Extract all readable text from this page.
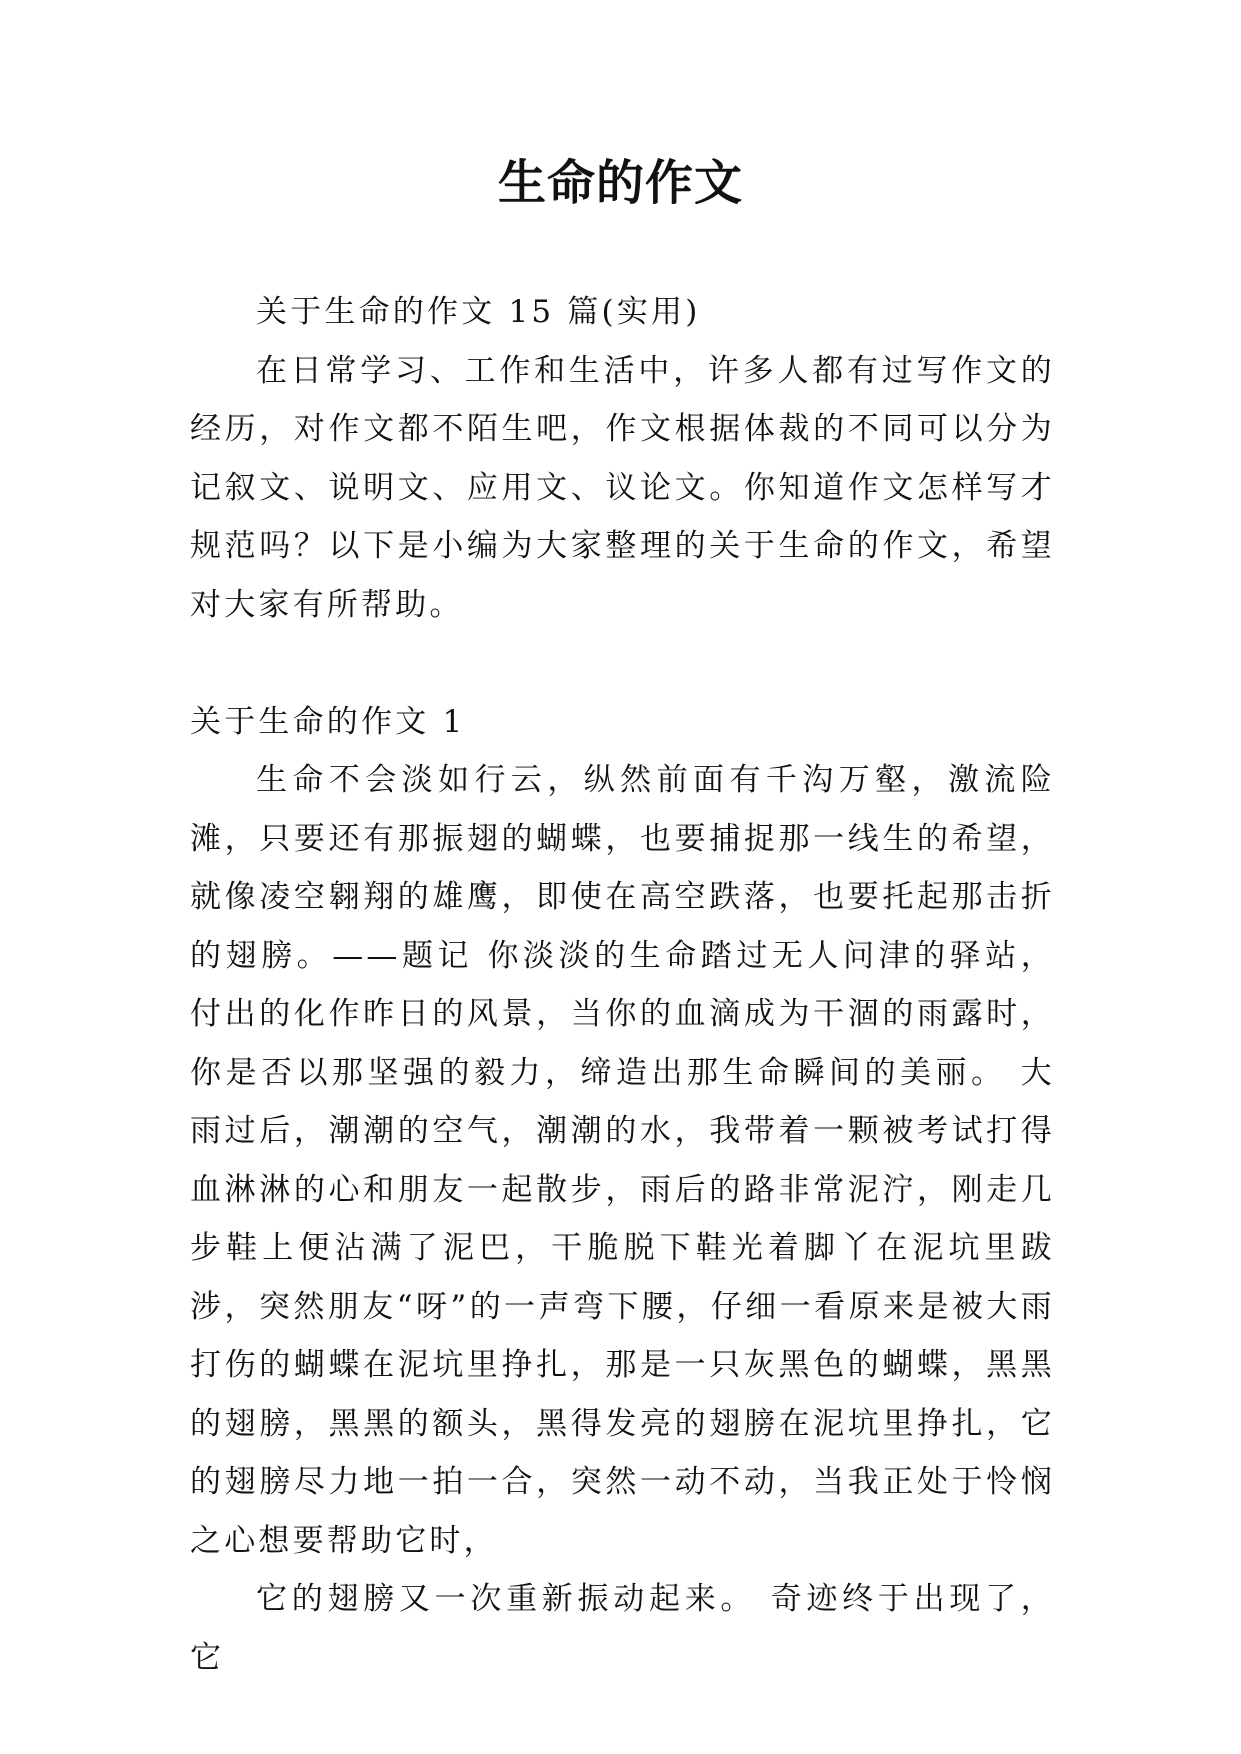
生命的作文

关于生命的作文 15 篇(实用)

在日常学习、工作和生活中，许多人都有过写作文的经历，对作文都不陌生吧，作文根据体裁的不同可以分为记叙文、说明文、应用文、议论文。你知道作文怎样写才规范吗？以下是小编为大家整理的关于生命的作文，希望对大家有所帮助。

关于生命的作文 1

生命不会淡如行云，纵然前面有千沟万壑，激流险滩，只要还有那振翅的蝴蝶，也要捕捉那一线生的希望，就像凌空翱翔的雄鹰，即使在高空跌落，也要托起那击折的翅膀。——题记 你淡淡的生命踏过无人问津的驿站，付出的化作昨日的风景，当你的血滴成为干涸的雨露时，你是否以那坚强的毅力，缔造出那生命瞬间的美丽。 大雨过后，潮潮的空气，潮潮的水，我带着一颗被考试打得血淋淋的心和朋友一起散步，雨后的路非常泥泞，刚走几步鞋上便沾满了泥巴，干脆脱下鞋光着脚丫在泥坑里跋涉，突然朋友“呀”的一声弯下腰，仔细一看原来是被大雨打伤的蝴蝶在泥坑里挣扎，那是一只灰黑色的蝴蝶，黑黑的翅膀，黑黑的额头，黑得发亮的翅膀在泥坑里挣扎，它的翅膀尽力地一拍一合，突然一动不动，当我正处于怜悯之心想要帮助它时，

它的翅膀又一次重新振动起来。 奇迹终于出现了，它
